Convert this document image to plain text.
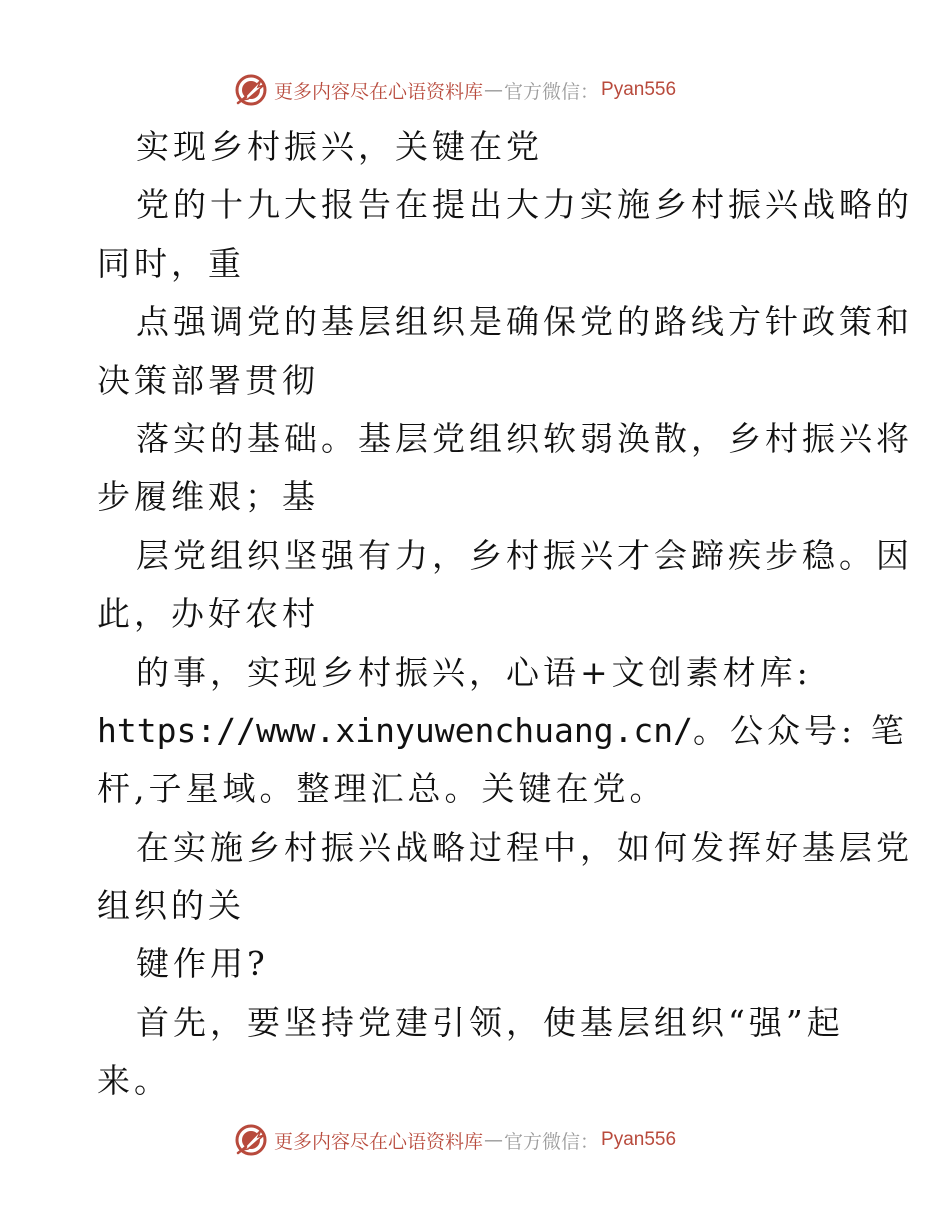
更多内容尽在心语资料库 — 官方微信： Pyan556
实现乡村振兴，关键在党
党的十九大报告在提出大力实施乡村振兴战略的
同时，重
点强调党的基层组织是确保党的路线方针政策和
决策部署贯彻
落实的基础。基层党组织软弱涣散，乡村振兴将
步履维艰；基
层党组织坚强有力，乡村振兴才会蹄疾步稳。因
此，办好农村
的事，实现乡村振兴，心语+文创素材库:
https://www.xinyuwenchuang.cn/。公众号: 笔
杆,子星域。整理汇总。关键在党。
在实施乡村振兴战略过程中，如何发挥好基层党
组织的关
键作用?
首先，要坚持党建引领，使基层组织“强”起
来。
更多内容尽在心语资料库 — 官方微信： Pyan556
